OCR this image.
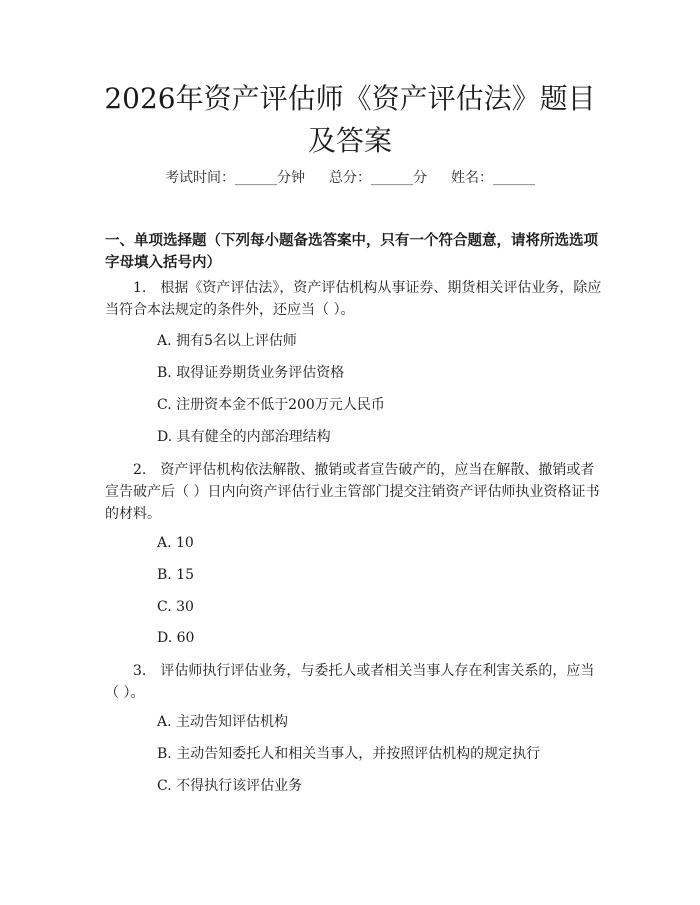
2026年资产评估师《资产评估法》题目及答案
考试时间：______分钟 总分：______分 姓名：______

一、单项选择题（下列每小题备选答案中，只有一个符合题意，请将所选选项字母填入括号内）

1.　根据《资产评估法》，资产评估机构从事证券、期货相关评估业务，除应当符合本法规定的条件外，还应当（ ）。

A. 拥有5名以上评估师

B. 取得证券期货业务评估资格

C. 注册资本金不低于200万元人民币

D. 具有健全的内部治理结构

2.　资产评估机构依法解散、撤销或者宣告破产的，应当在解散、撤销或者宣告破产后（ ）日内向资产评估行业主管部门提交注销资产评估师执业资格证书的材料。

A. 10

B. 15

C. 30

D. 60

3.　评估师执行评估业务，与委托人或者相关当事人存在利害关系的，应当（ ）。

A. 主动告知评估机构

B. 主动告知委托人和相关当事人，并按照评估机构的规定执行

C. 不得执行该评估业务
